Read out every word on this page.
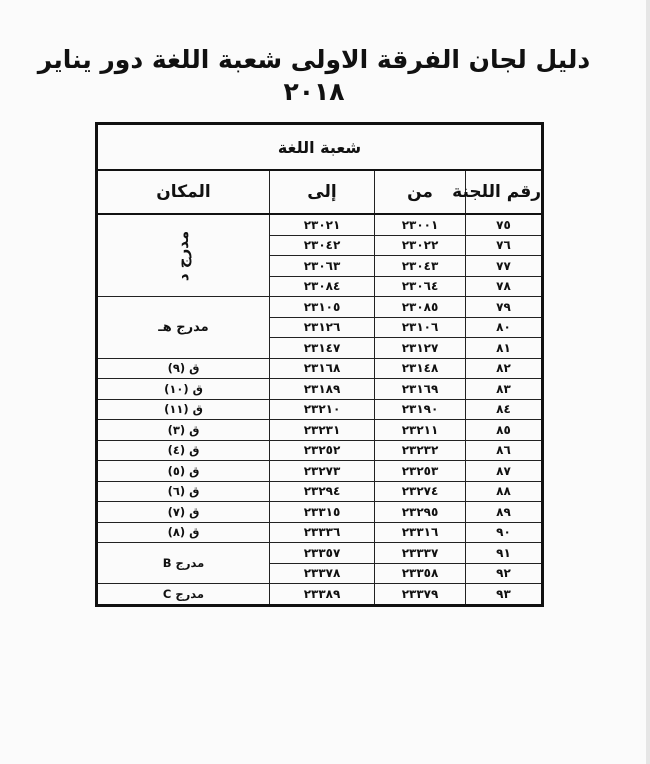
دليل لجان الفرقة الاولى شعبة اللغة دور يناير ٢٠١٨
شعبة اللغة			
رقم اللجنة	من	إلى	المكان
٧٥	٢٣٠٠١	٢٣٠٢١	مدرج د
٧٦	٢٣٠٢٢	٢٣٠٤٢	
٧٧	٢٣٠٤٣	٢٣٠٦٣	
٧٨	٢٣٠٦٤	٢٣٠٨٤	
٧٩	٢٣٠٨٥	٢٣١٠٥	مدرج هـ
٨٠	٢٣١٠٦	٢٣١٢٦	
٨١	٢٣١٢٧	٢٣١٤٧	
٨٢	٢٣١٤٨	٢٣١٦٨	ق (٩)
٨٣	٢٣١٦٩	٢٣١٨٩	ق (١٠)
٨٤	٢٣١٩٠	٢٣٢١٠	ق (١١)
٨٥	٢٣٢١١	٢٣٢٣١	ق (٣)
٨٦	٢٣٢٣٢	٢٣٢٥٢	ق (٤)
٨٧	٢٣٢٥٣	٢٣٢٧٣	ق (٥)
٨٨	٢٣٢٧٤	٢٣٢٩٤	ق (٦)
٨٩	٢٣٢٩٥	٢٣٣١٥	ق (٧)
٩٠	٢٣٣١٦	٢٣٣٣٦	ق (٨)
٩١	٢٣٣٣٧	٢٣٣٥٧	مدرج B
٩٢	٢٣٣٥٨	٢٣٣٧٨	
٩٣	٢٣٣٧٩	٢٣٣٨٩	مدرج C
